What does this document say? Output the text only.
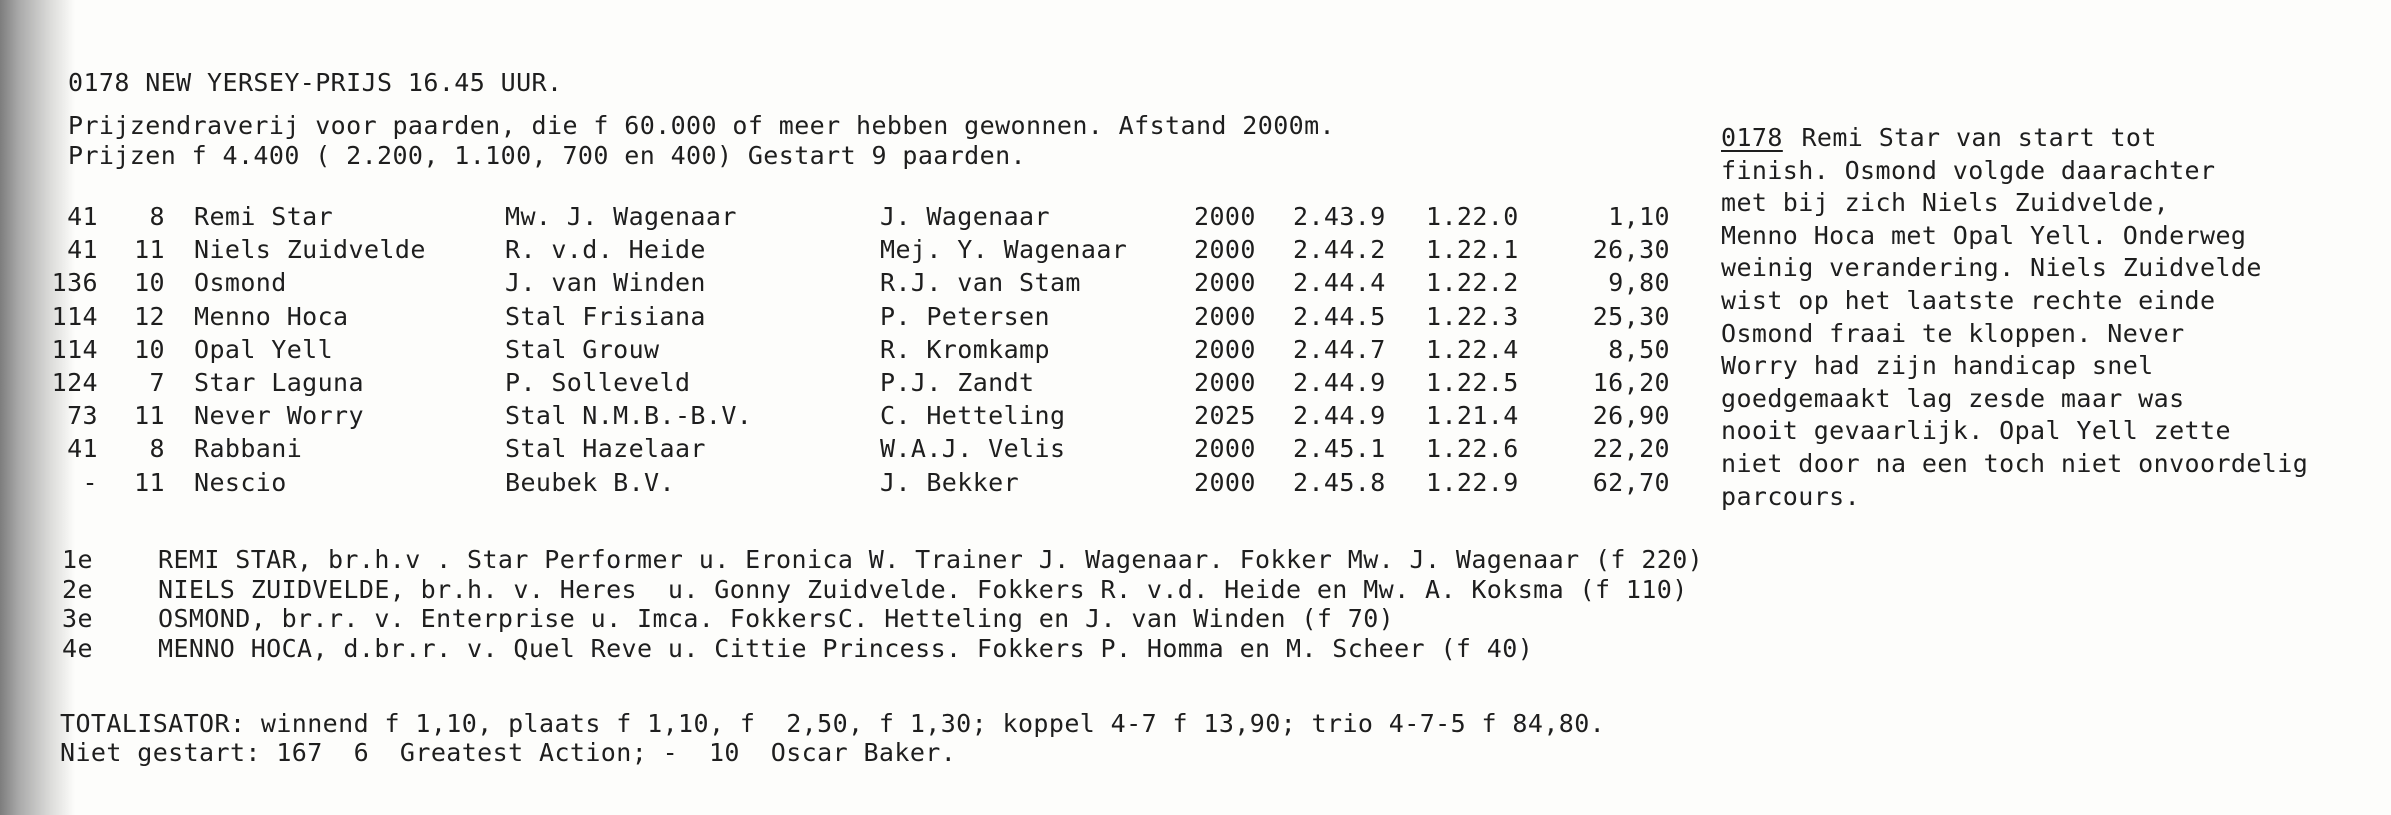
0178 NEW YERSEY-PRIJS 16.45 UUR.
Prijzendraverij voor paarden, die f 60.000 of meer hebben gewonnen. Afstand 2000m.
Prijzen f 4.400 ( 2.200, 1.100, 700 en 400) Gestart 9 paarden.
41	8 Remi Star	Mw. J. Wagenaar	J. Wagenaar	2000 2.43.9 1.22.0	1,10
41	11 Niels Zuidvelde	R. v.d. Heide	Mej. Y. Wagenaar	2000 2.44.2 1.22.1	26,30
136	10 Osmond	J. van Winden	R.J. van Stam	2000 2.44.4 1.22.2	9,80
114	12 Menno Hoca	Stal Frisiana	P. Petersen	2000 2.44.5 1.22.3	25,30
114	10 Opal Yell	Stal Grouw	R. Kromkamp	2000 2.44.7 1.22.4	8,50
124	7 Star Laguna	P. Solleveld	P.J. Zandt	2000 2.44.9 1.22.5	16,20
73	11 Never Worry	Stal N.M.B.-B.V.	C. Hetteling	2025 2.44.9 1.21.4	26,90
41	8 Rabbani	Stal Hazelaar	W.A.J. Velis	2000 2.45.1 1.22.6	22,20
-	11 Nescio	Beubek B.V.	J. Bekker	2000 2.45.8 1.22.9	62,70
0178 Remi Star van start tot
finish. Osmond volgde daarachter
met bij zich Niels Zuidvelde,
Menno Hoca met Opal Yell. Onderweg
weinig verandering. Niels Zuidvelde
wist op het laatste rechte einde
Osmond fraai te kloppen. Never
Worry had zijn handicap snel
goedgemaakt lag zesde maar was
nooit gevaarlijk. Opal Yell zette
niet door na een toch niet onvoordelig
parcours.
1e	REMI STAR, br.h.v . Star Performer u. Eronica W. Trainer J. Wagenaar. Fokker Mw. J. Wagenaar (f 220)
2e	NIELS ZUIDVELDE, br.h. v. Heres  u. Gonny Zuidvelde. Fokkers R. v.d. Heide en Mw. A. Koksma (f 110)
3e	OSMOND, br.r. v. Enterprise u. Imca. FokkersC. Hetteling en J. van Winden (f 70)
4e	MENNO HOCA, d.br.r. v. Quel Reve u. Cittie Princess. Fokkers P. Homma en M. Scheer (f 40)
TOTALISATOR: winnend f 1,10, plaats f 1,10, f  2,50, f 1,30; koppel 4-7 f 13,90; trio 4-7-5 f 84,80.
Niet gestart: 167  6  Greatest Action; -  10  Oscar Baker.
